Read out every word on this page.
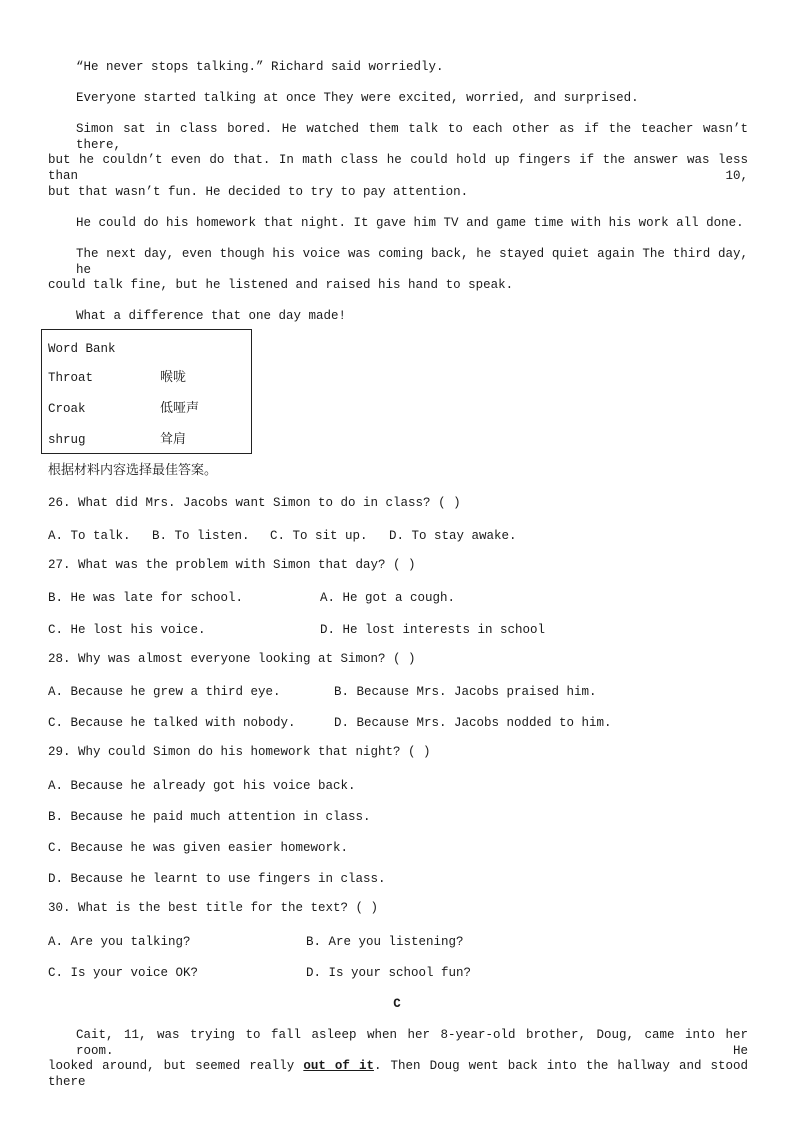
“He never stops talking.” Richard said worriedly.
Everyone started talking at once They were excited, worried, and surprised.
Simon sat in class bored. He watched them talk to each other as if the teacher wasn’t there,
but he couldn’t even do that. In math class he could hold up fingers if the answer was less than 10,
but that wasn’t fun. He decided to try to pay attention.
He could do his homework that night. It gave him TV and game time with his work all done.
The next day, even though his voice was coming back, he stayed quiet again The third day, he
could talk fine, but he listened and raised his hand to speak.
What a difference that one day made!
Word Bank
Throat	喉咙
Croak	低哑声
shrug	耸肩
根据材料内容选择最佳答案。
26. What did Mrs. Jacobs want Simon to do in class? ( )
A. To talk. B. To listen. C. To sit up. D. To stay awake.
27. What was the problem with Simon that day? ( )
B. He was late for school.	A. He got a cough.
C. He lost his voice.	D. He lost interests in school
28. Why was almost everyone looking at Simon? ( )
A. Because he grew a third eye.	B. Because Mrs. Jacobs praised him.
C. Because he talked with nobody.	D. Because Mrs. Jacobs nodded to him.
29. Why could Simon do his homework that night? ( )
A. Because he already got his voice back.
B. Because he paid much attention in class.
C. Because he was given easier homework.
D. Because he learnt to use fingers in class.
30. What is the best title for the text? ( )
A. Are you talking?	B. Are you listening?
C. Is your voice OK?	D. Is your school fun?
C
Cait, 11, was trying to fall asleep when her 8-year-old brother, Doug, came into her room. He
looked around, but seemed really out of it. Then Doug went back into the hallway and stood there
